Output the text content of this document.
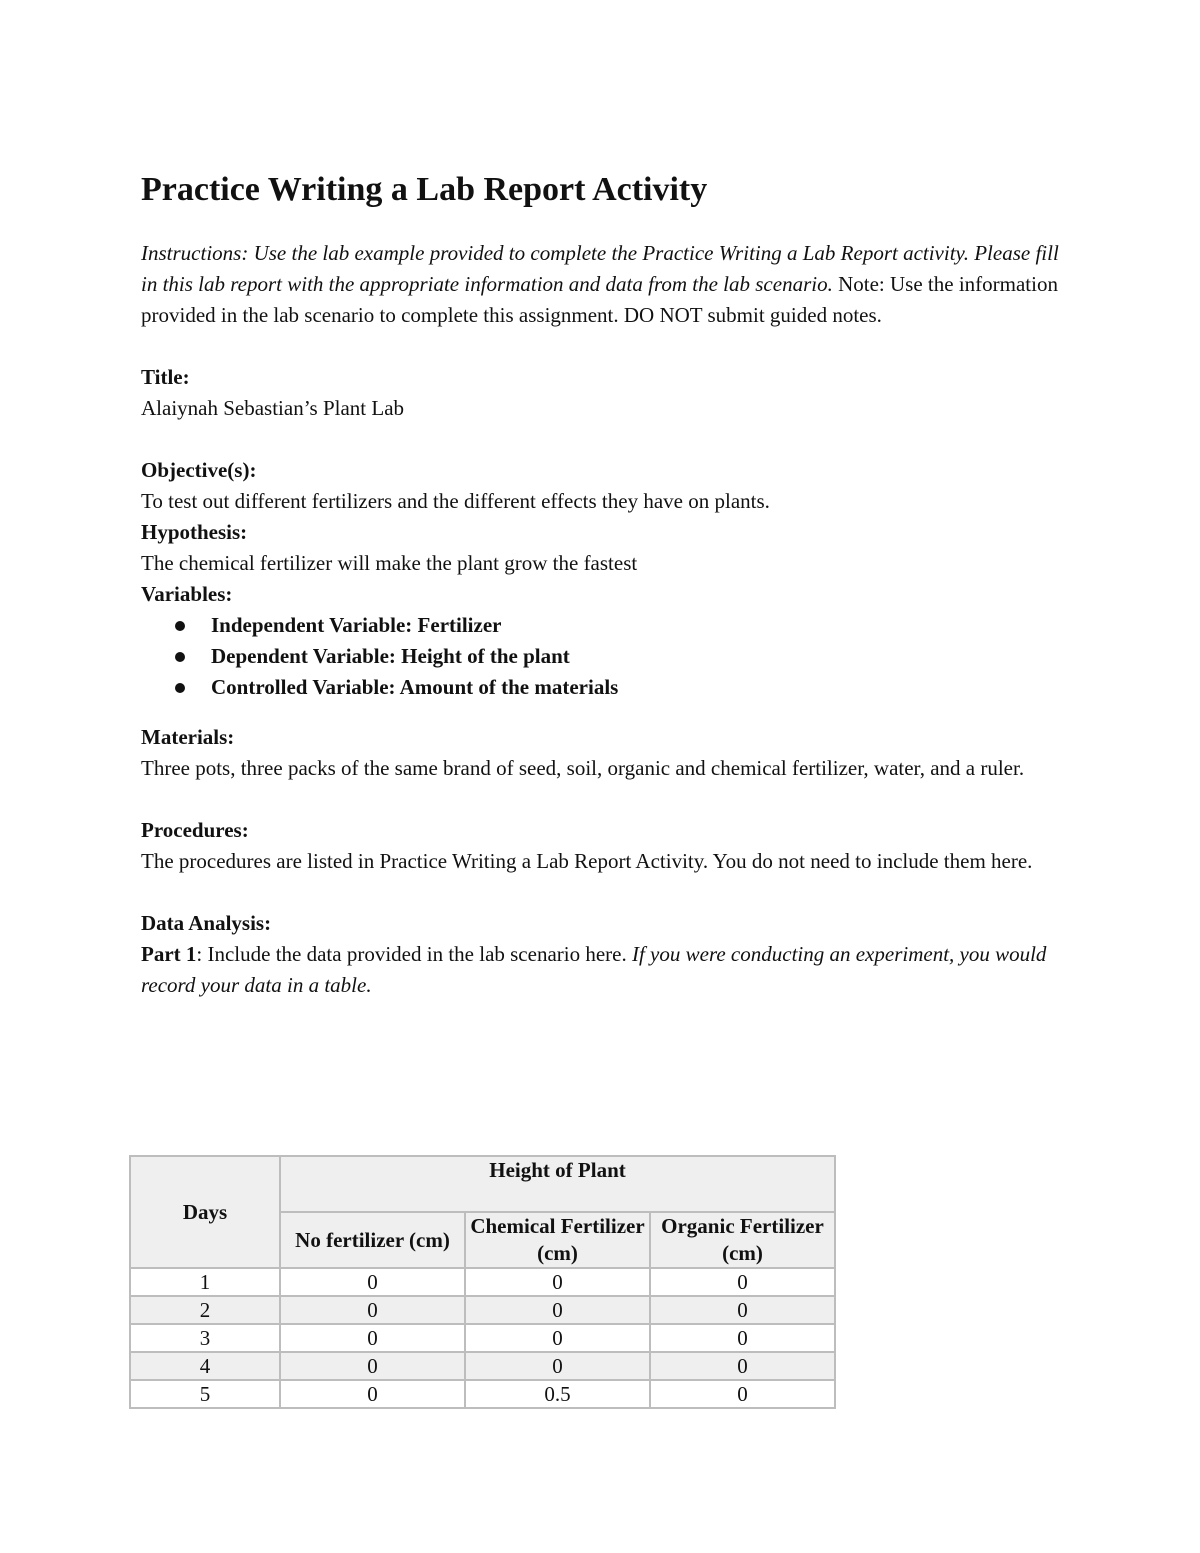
Practice Writing a Lab Report Activity

Instructions: Use the lab example provided to complete the Practice Writing a Lab Report activity. Please fill in this lab report with the appropriate information and data from the lab scenario. Note: Use the information provided in the lab scenario to complete this assignment. DO NOT submit guided notes.

Title:

Alaiynah Sebastian’s Plant Lab

Objective(s):

To test out different fertilizers and the different effects they have on plants.

Hypothesis:

The chemical fertilizer will make the plant grow the fastest

Variables:

Independent Variable: Fertilizer
Dependent Variable: Height of the plant
Controlled Variable: Amount of the materials

Materials:

Three pots, three packs of the same brand of seed, soil, organic and chemical fertilizer, water, and a ruler.

Procedures:

The procedures are listed in Practice Writing a Lab Report Activity. You do not need to include them here.

Data Analysis:

Part 1: Include the data provided in the lab scenario here. If you were conducting an experiment, you would record your data in a table.

Days	Height of Plant		
	No fertilizer (cm)	Chemical Fertilizer (cm)	Organic Fertilizer (cm)
1	0	0	0
2	0	0	0
3	0	0	0
4	0	0	0
5	0	0.5	0
